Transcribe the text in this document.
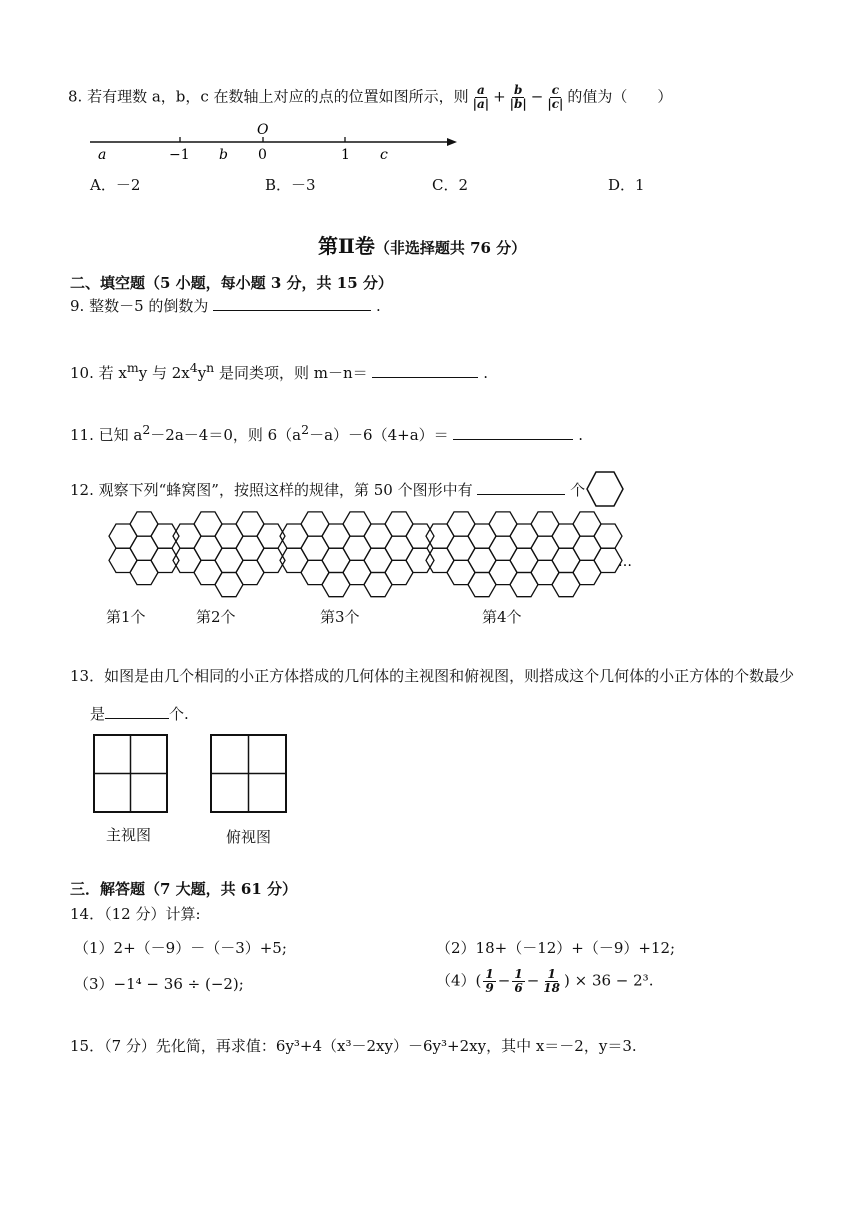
8. 若有理数 a，b，c 在数轴上对应的点的位置如图所示，则 $\frac{a}{|a|} + \frac{b}{|b|} - \frac{c}{|c|}$ 的值为（　　）
O
a	−1 b 0	1 c
A．－2	B．－3	C．2	D．1
第Ⅱ卷（非选择题共 76 分）
二、填空题（5 小题，每小题 3 分，共 15 分）
9. 整数－5 的倒数为	.
10. 若 $x^my$ 与 $2x^4y^n$ 是同类项，则 m－n＝	.
11. 已知 $a^2-2a-4=0$，则 $6(a^2-a)-6(4+a)=$	.
12. 观察下列“蜂窝图”，按照这样的规律，第 50 个图形中有	个
…
第1个	第2个	第3个	第4个
13．如图是由几个相同的小正方体搭成的几何体的主视图和俯视图，则搭成这个几何体的小正方体的个数最少
是	个.
主视图	俯视图
三．解答题（7 大题，共 61 分）
14．（12 分）计算:
（1）2+（－9）－（－3）+5;	（2）18+（－12）+（－9）+12;
（3）−1⁴ − 36 ÷ (−2);	$(4)( \frac{1}{9} - \frac{1}{6} - \frac{1}{18}$ ) × 36 − 2³.
15．（7 分）先化简，再求值：6y³+4（x³－2xy）－6y³+2xy，其中 x＝－2，y＝3.
